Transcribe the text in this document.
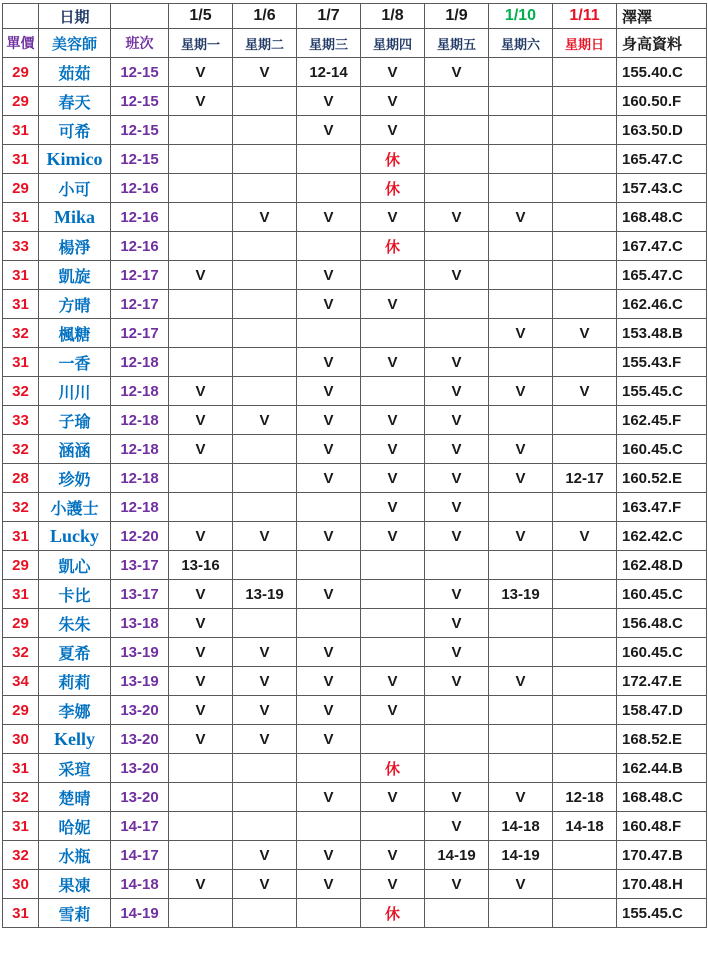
	日期		1/5	1/6	1/7	1/8	1/9	1/10	1/11	澤澤
單價	美容師	班次	星期一	星期二	星期三	星期四	星期五	星期六	星期日	身高資料
29	茹茹	12-15	V	V	12-14	V	V			155.40.C
29	春天	12-15	V		V	V				160.50.F
31	可希	12-15			V	V				163.50.D
31	Kimico	12-15				休				165.47.C
29	小可	12-16				休				157.43.C
31	Mika	12-16		V	V	V	V	V		168.48.C
33	楊淨	12-16				休				167.47.C
31	凱旋	12-17	V		V		V			165.47.C
31	方晴	12-17			V	V				162.46.C
32	楓糖	12-17						V	V	153.48.B
31	一香	12-18			V	V	V			155.43.F
32	川川	12-18	V		V		V	V	V	155.45.C
33	子瑜	12-18	V	V	V	V	V			162.45.F
32	涵涵	12-18	V		V	V	V	V		160.45.C
28	珍奶	12-18			V	V	V	V	12-17	160.52.E
32	小護士	12-18				V	V			163.47.F
31	Lucky	12-20	V	V	V	V	V	V	V	162.42.C
29	凱心	13-17	13-16							162.48.D
31	卡比	13-17	V	13-19	V		V	13-19		160.45.C
29	朱朱	13-18	V				V			156.48.C
32	夏希	13-19	V	V	V		V			160.45.C
34	莉莉	13-19	V	V	V	V	V	V		172.47.E
29	李娜	13-20	V	V	V	V				158.47.D
30	Kelly	13-20	V	V	V					168.52.E
31	采瑄	13-20				休				162.44.B
32	楚晴	13-20			V	V	V	V	12-18	168.48.C
31	哈妮	14-17					V	14-18	14-18	160.48.F
32	水瓶	14-17		V	V	V	14-19	14-19		170.47.B
30	果凍	14-18	V	V	V	V	V	V		170.48.H
31	雪莉	14-19				休				155.45.C
